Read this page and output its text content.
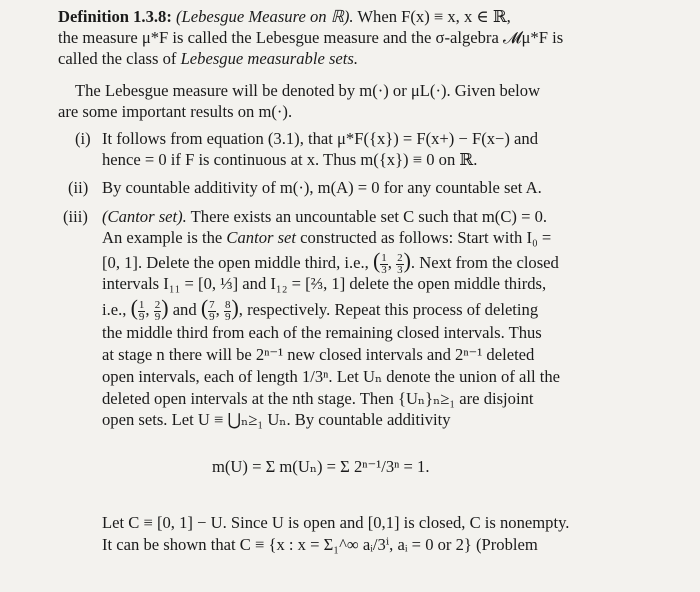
Definition 1.3.8: (Lebesgue Measure on ℝ). When F(x) ≡ x, x ∈ ℝ,
the measure μ*F is called the Lebesgue measure and the σ-algebra 𝓜μ*F is
called the class of Lebesgue measurable sets.
The Lebesgue measure will be denoted by m(·) or μL(·). Given below
are some important results on m(·).
(i) It follows from equation (3.1), that μ*F({x}) = F(x+) − F(x−) and
hence = 0 if F is continuous at x. Thus m({x}) ≡ 0 on ℝ.
(ii) By countable additivity of m(·), m(A) = 0 for any countable set A.
(iii) (Cantor set). There exists an uncountable set C such that m(C) = 0.
An example is the Cantor set constructed as follows: Start with I₀ =
[0, 1]. Delete the open middle third, i.e., ( $\frac{1}{3}$ , $\frac{2}{3}$ ). Next from the closed
intervals I₁₁ = [0, ⅓] and I₁₂ = [⅔, 1] delete the open middle thirds,
i.e., ( $\frac{1}{9}$ , $\frac{2}{9}$ ) and ( $\frac{7}{9}$ , $\frac{8}{9}$ ), respectively. Repeat this process of deleting
the middle third from each of the remaining closed intervals. Thus
at stage n there will be 2ⁿ⁻¹ new closed intervals and 2ⁿ⁻¹ deleted
open intervals, each of length 1/3ⁿ. Let Uₙ denote the union of all the
deleted open intervals at the nth stage. Then {Uₙ}ₙ≥₁ are disjoint
open sets. Let U ≡ ⋃ₙ≥₁ Uₙ. By countable additivity
m(U) = Σ m(Uₙ) = Σ 2ⁿ⁻¹/3ⁿ = 1.
Let C ≡ [0, 1] − U. Since U is open and [0,1] is closed, C is nonempty.
It can be shown that C ≡ {x : x = Σ₁^∞ aᵢ/3ⁱ, aᵢ = 0 or 2} (Problem
